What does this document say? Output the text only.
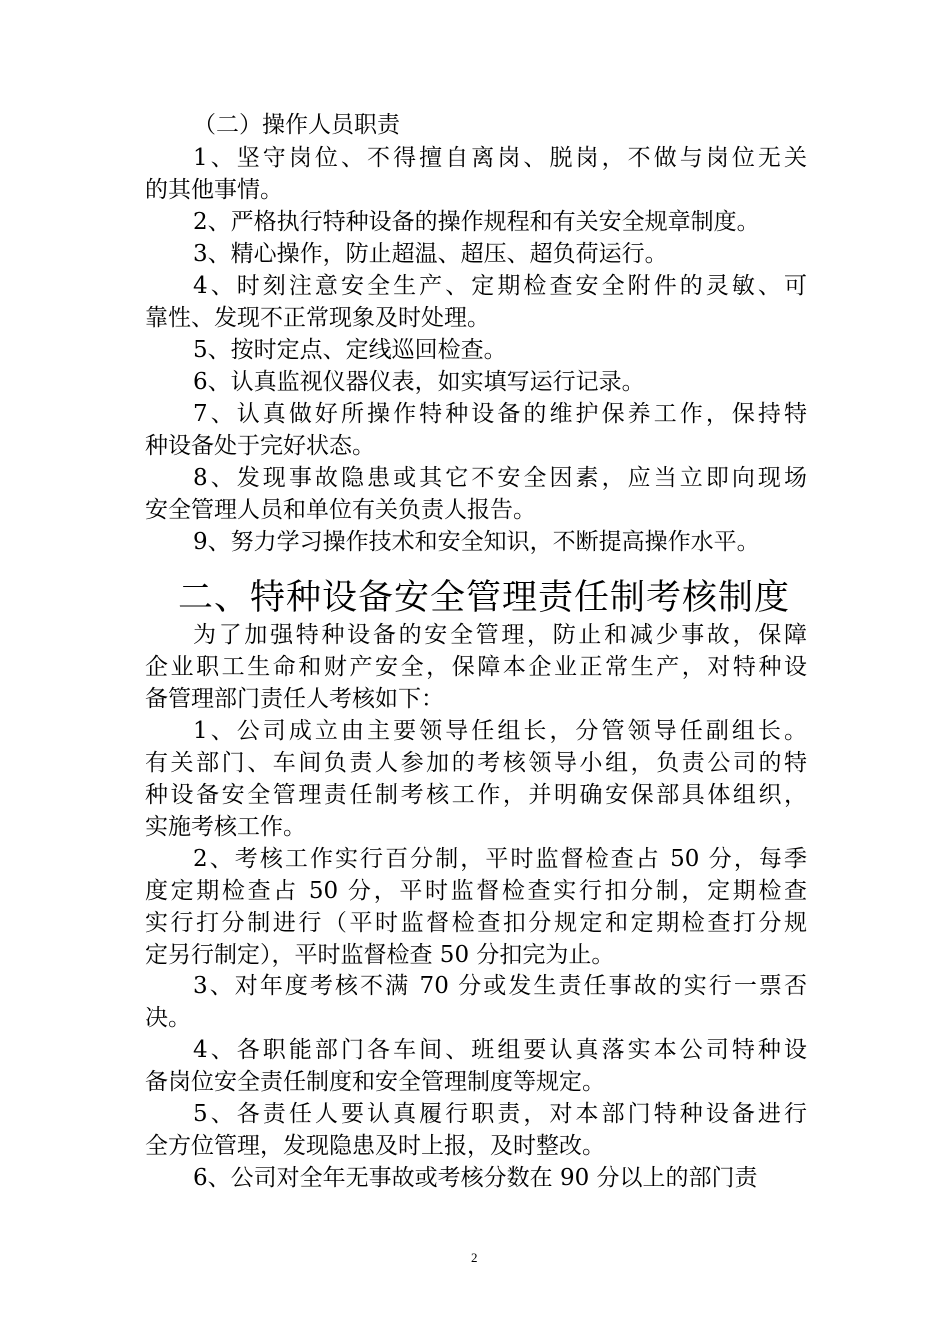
（二）操作人员职责
1、坚守岗位、不得擅自离岗、脱岗，不做与岗位无关
的其他事情。
2、严格执行特种设备的操作规程和有关安全规章制度。
3、精心操作，防止超温、超压、超负荷运行。
4、时刻注意安全生产、定期检查安全附件的灵敏、可
靠性、发现不正常现象及时处理。
5、按时定点、定线巡回检查。
6、认真监视仪器仪表，如实填写运行记录。
7、认真做好所操作特种设备的维护保养工作，保持特
种设备处于完好状态。
8、发现事故隐患或其它不安全因素，应当立即向现场
安全管理人员和单位有关负责人报告。
9、努力学习操作技术和安全知识，不断提高操作水平。
二、特种设备安全管理责任制考核制度
为了加强特种设备的安全管理，防止和减少事故，保障
企业职工生命和财产安全，保障本企业正常生产，对特种设
备管理部门责任人考核如下：
1、公司成立由主要领导任组长，分管领导任副组长。
有关部门、车间负责人参加的考核领导小组，负责公司的特
种设备安全管理责任制考核工作，并明确安保部具体组织，
实施考核工作。
2、考核工作实行百分制，平时监督检查占 50 分，每季
度定期检查占 50 分，平时监督检查实行扣分制，定期检查
实行打分制进行（平时监督检查扣分规定和定期检查打分规
定另行制定），平时监督检查 50 分扣完为止。
3、对年度考核不满 70 分或发生责任事故的实行一票否
决。
4、各职能部门各车间、班组要认真落实本公司特种设
备岗位安全责任制度和安全管理制度等规定。
5、各责任人要认真履行职责，对本部门特种设备进行
全方位管理，发现隐患及时上报，及时整改。
6、公司对全年无事故或考核分数在 90 分以上的部门责
2
